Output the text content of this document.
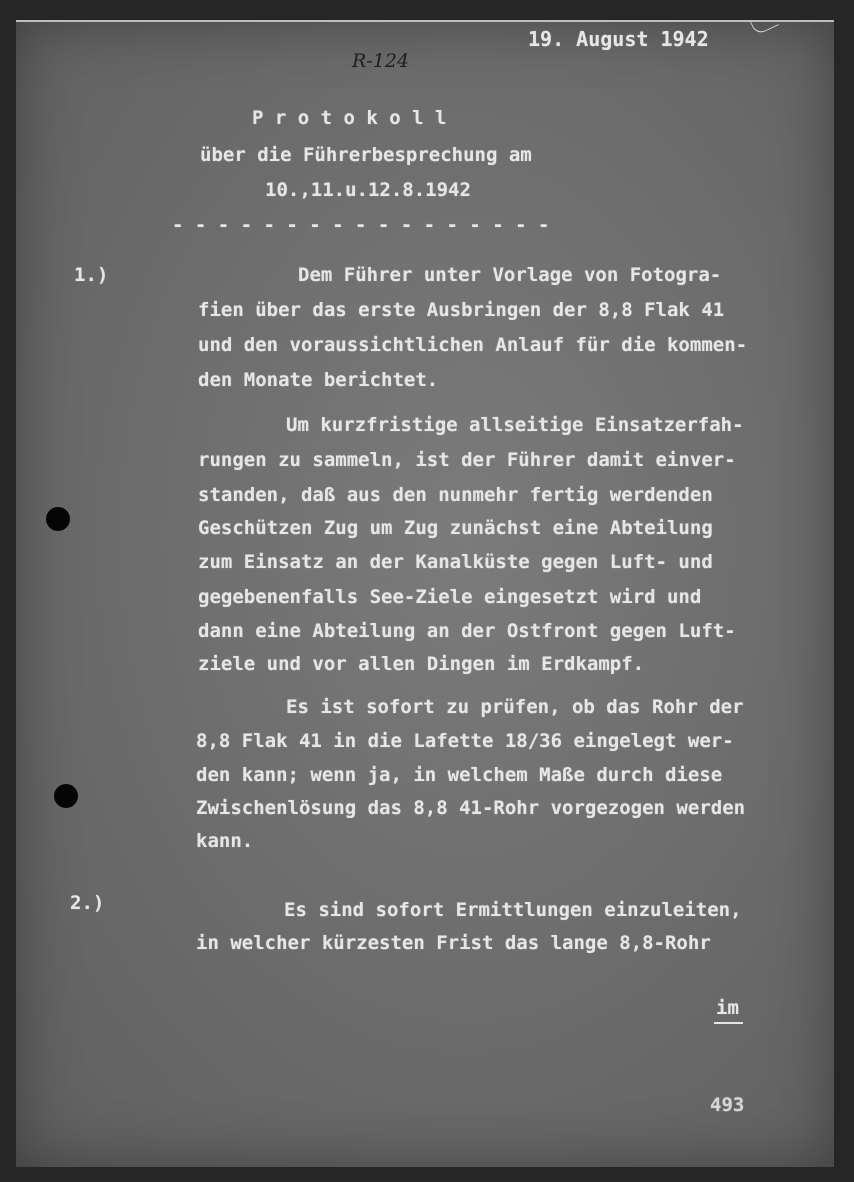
19. August 1942
R-124
P r o t o k o l l
über die Führerbesprechung am
10.,11.u.12.8.1942
- - - - - - - - - - - - - - - - -
1.)	Dem Führer unter Vorlage von Fotogra-
fien über das erste Ausbringen der 8,8 Flak 41
und den voraussichtlichen Anlauf für die kommen-
den Monate berichtet.
Um kurzfristige allseitige Einsatzerfah-
rungen zu sammeln, ist der Führer damit einver-
standen, daß aus den nunmehr fertig werdenden
Geschützen Zug um Zug zunächst eine Abteilung
zum Einsatz an der Kanalküste gegen Luft- und
gegebenenfalls See-Ziele eingesetzt wird und
dann eine Abteilung an der Ostfront gegen Luft-
ziele und vor allen Dingen im Erdkampf.
Es ist sofort zu prüfen, ob das Rohr der
8,8 Flak 41 in die Lafette 18/36 eingelegt wer-
den kann; wenn ja, in welchem Maße durch diese
Zwischenlösung das 8,8 41-Rohr vorgezogen werden
kann.
2.)	Es sind sofort Ermittlungen einzuleiten,
in welcher kürzesten Frist das lange 8,8-Rohr
im
493
